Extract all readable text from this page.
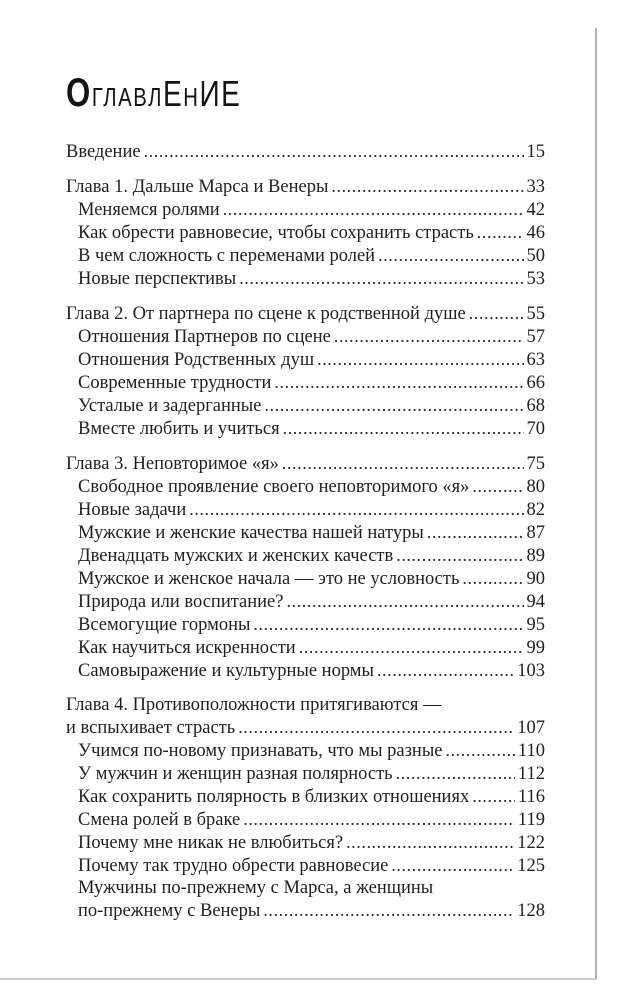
ОГЛАВЛЕНИЕ
Введение .....	15
Глава 1. Дальше Марса и Венеры .....	33
Меняемся ролями .....	42
Как обрести равновесие, чтобы сохранить страсть .....	46
В чем сложность с переменами ролей .....	50
Новые перспективы .....	53
Глава 2. От партнера по сцене к родственной душе .....	55
Отношения Партнеров по сцене .....	57
Отношения Родственных душ .....	63
Современные трудности .....	66
Усталые и задерганные .....	68
Вместе любить и учиться .....	70
Глава 3. Неповторимое «я» .....	75
Свободное проявление своего неповторимого «я» .....	80
Новые задачи .....	82
Мужские и женские качества нашей натуры .....	87
Двенадцать мужских и женских качеств .....	89
Мужское и женское начала — это не условность .....	90
Природа или воспитание? .....	94
Всемогущие гормоны .....	95
Как научиться искренности .....	99
Самовыражение и культурные нормы .....	103
Глава 4. Противоположности притягиваются —
и вспыхивает страсть .....	107
Учимся по-новому признавать, что мы разные .....	110
У мужчин и женщин разная полярность .....	112
Как сохранить полярность в близких отношениях .....	116
Смена ролей в браке .....	119
Почему мне никак не влюбиться? .....	122
Почему так трудно обрести равновесие .....	125
Мужчины по-прежнему с Марса, а женщины
по-прежнему с Венеры .....	128
